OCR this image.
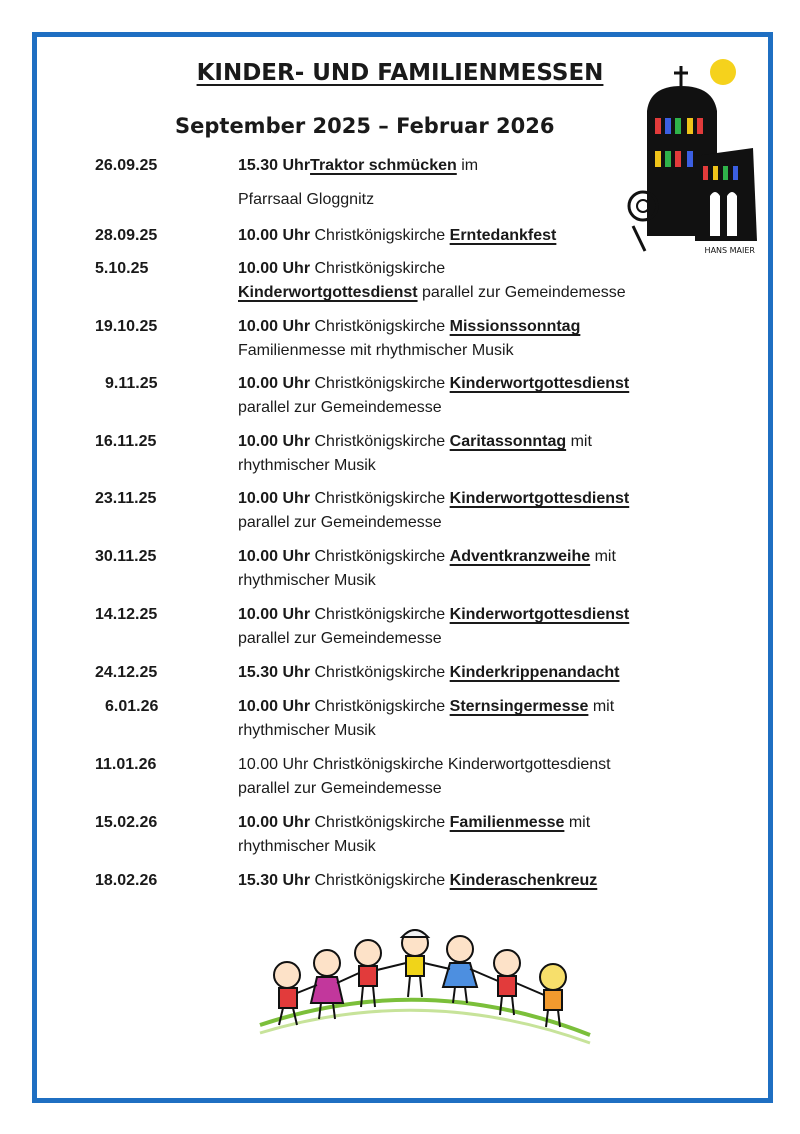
KINDER- UND FAMILIENMESSEN
September 2025 – Februar 2026
HANS MAIER
26.09.25	15.30 UhrTraktor schmücken im
Pfarrsaal Gloggnitz
28.09.25	10.00 Uhr Christkönigskirche Erntedankfest
5.10.25	10.00 Uhr Christkönigskirche
Kinderwortgottesdienst parallel zur Gemeindemesse
19.10.25	10.00 Uhr Christkönigskirche Missionssonntag
Familienmesse mit rhythmischer Musik
9.11.25	10.00 Uhr Christkönigskirche Kinderwortgottesdienst
parallel zur Gemeindemesse
16.11.25	10.00 Uhr Christkönigskirche Caritassonntag mit
rhythmischer Musik
23.11.25	10.00 Uhr Christkönigskirche Kinderwortgottesdienst
parallel zur Gemeindemesse
30.11.25	10.00 Uhr Christkönigskirche Adventkranzweihe mit
rhythmischer Musik
14.12.25	10.00 Uhr Christkönigskirche Kinderwortgottesdienst
parallel zur Gemeindemesse
24.12.25	15.30 Uhr Christkönigskirche Kinderkrippenandacht
6.01.26	10.00 Uhr Christkönigskirche Sternsingermesse mit
rhythmischer Musik
11.01.26	10.00 Uhr Christkönigskirche Kinderwortgottesdienst
parallel zur Gemeindemesse
15.02.26	10.00 Uhr Christkönigskirche Familienmesse mit
rhythmischer Musik
18.02.26	15.30 Uhr Christkönigskirche Kinderaschenkreuz
